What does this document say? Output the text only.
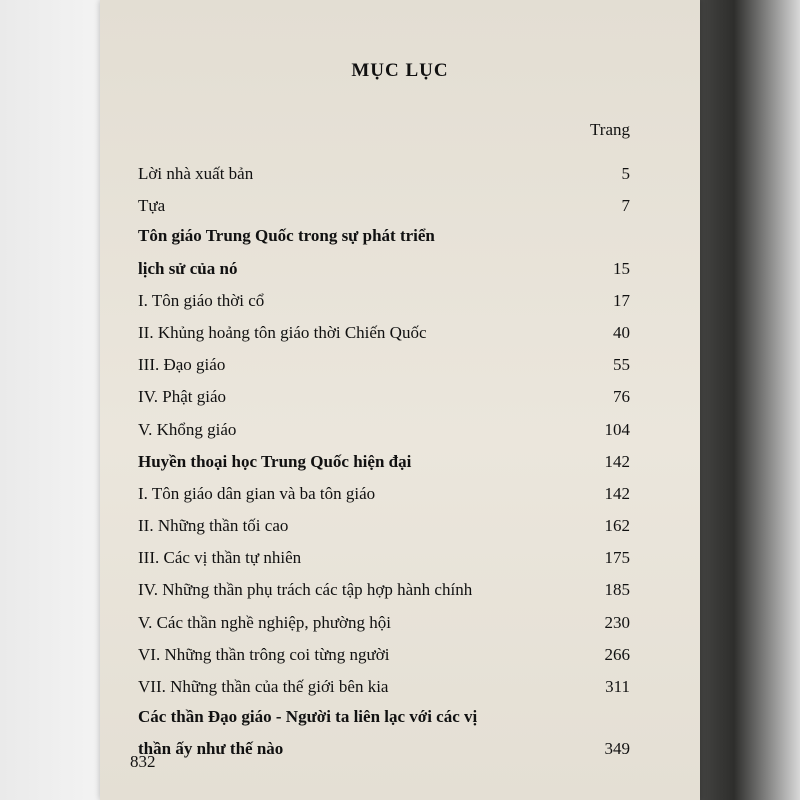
MỤC LỤC
Trang
Lời nhà xuất bản	5
Tựa	7
Tôn giáo Trung Quốc trong sự phát triển
lịch sử của nó	15
I. Tôn giáo thời cổ	17
II. Khủng hoảng tôn giáo thời Chiến Quốc	40
III. Đạo giáo	55
IV. Phật giáo	76
V. Khổng giáo	104
Huyền thoại học Trung Quốc hiện đại	142
I. Tôn giáo dân gian và ba tôn giáo	142
II. Những thần tối cao	162
III. Các vị thần tự nhiên	175
IV. Những thần phụ trách các tập hợp hành chính	185
V. Các thần nghề nghiệp, phường hội	230
VI. Những thần trông coi từng người	266
VII. Những thần của thế giới bên kia	311
Các thần Đạo giáo - Người ta liên lạc với các vị
thần ấy như thế nào	349
832
